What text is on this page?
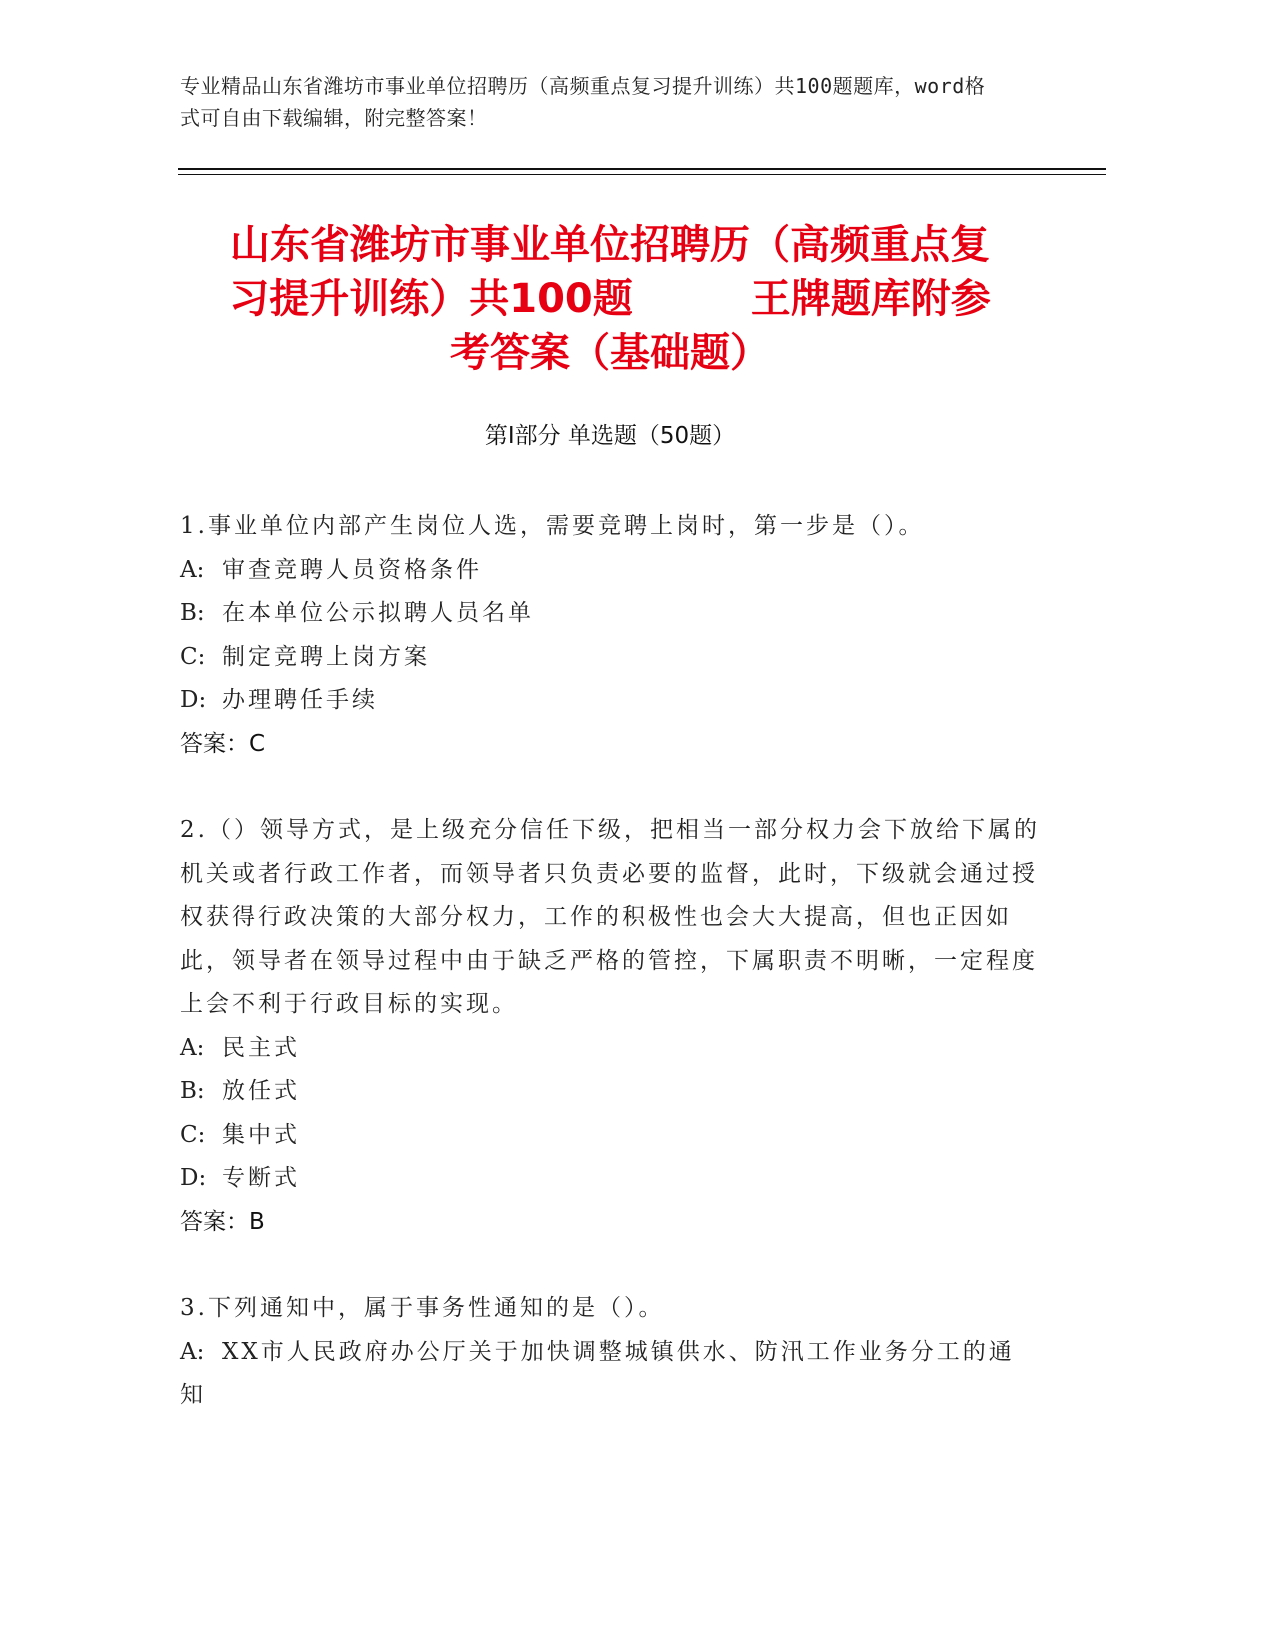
专业精品山东省潍坊市事业单位招聘历（高频重点复习提升训练）共100题题库，word格式可自由下载编辑，附完整答案！
山东省潍坊市事业单位招聘历（高频重点复
习提升训练）共100题	王牌题库附参
考答案（基础题）
第Ⅰ部分 单选题（50题）
1.事业单位内部产生岗位人选，需要竞聘上岗时，第一步是（）。
A: 审查竞聘人员资格条件
B: 在本单位公示拟聘人员名单
C: 制定竞聘上岗方案
D: 办理聘任手续
答案：C
2.（）领导方式，是上级充分信任下级，把相当一部分权力会下放给下属的机关或者行政工作者，而领导者只负责必要的监督，此时，下级就会通过授权获得行政决策的大部分权力，工作的积极性也会大大提高，但也正因如此，领导者在领导过程中由于缺乏严格的管控，下属职责不明晰，一定程度上会不利于行政目标的实现。
A: 民主式
B: 放任式
C: 集中式
D: 专断式
答案：B
3.下列通知中，属于事务性通知的是（）。
A: XX市人民政府办公厅关于加快调整城镇供水、防汛工作业务分工的通知
